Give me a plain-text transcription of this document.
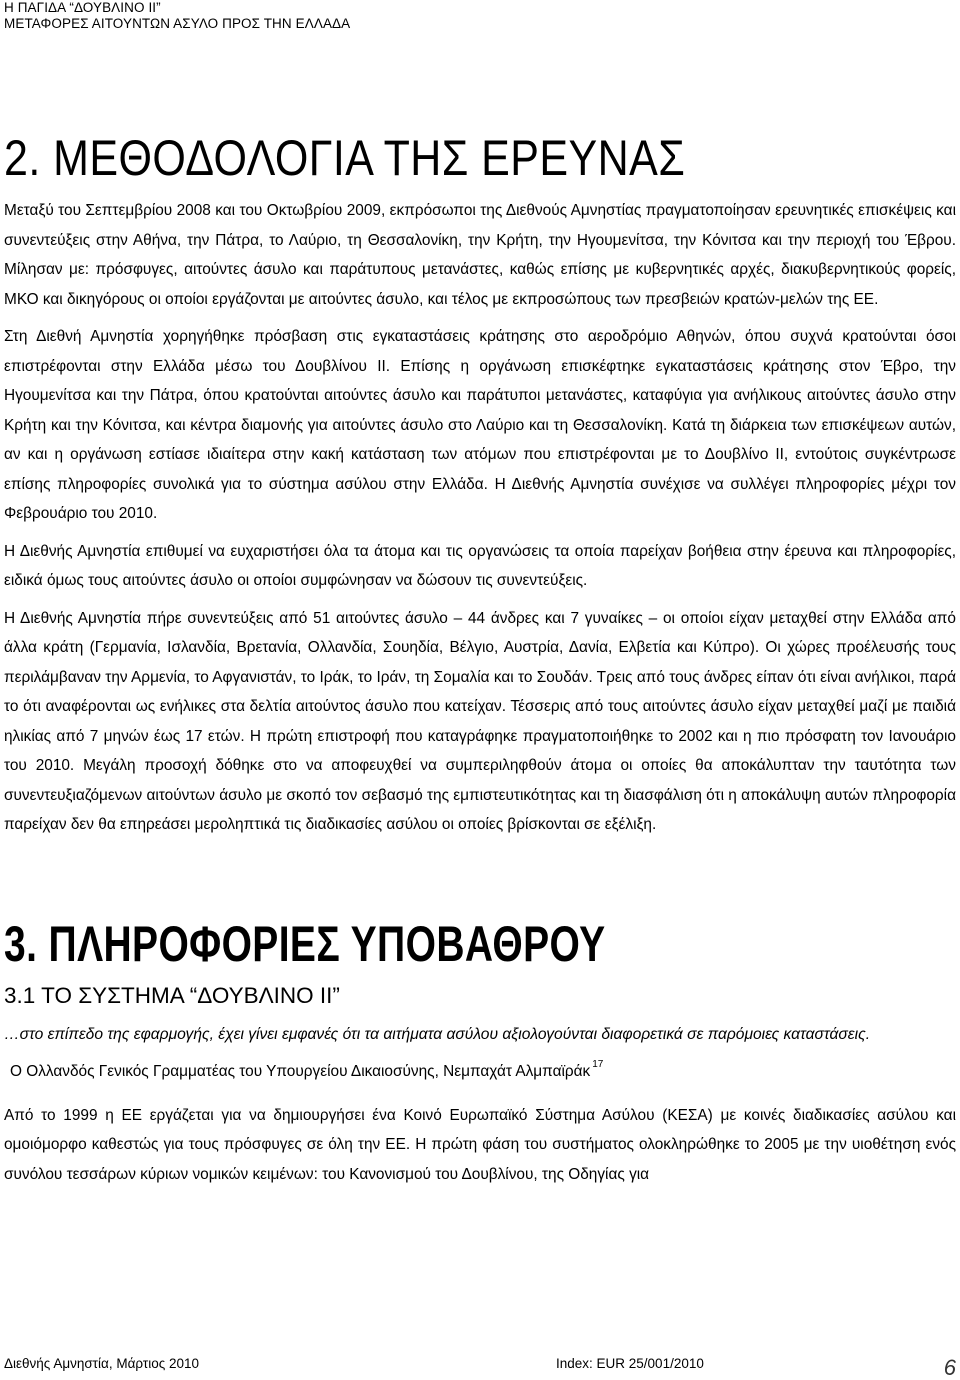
Η ΠΑΓΙΔΑ “ΔΟΥΒΛΙΝΟ ΙΙ”
ΜΕΤΑΦΟΡΕΣ ΑΙΤΟΥΝΤΩΝ ΑΣΥΛΟ ΠΡΟΣ ΤΗΝ ΕΛΛΑΔΑ
2. ΜΕΘΟΔΟΛΟΓΙΑ ΤΗΣ ΕΡΕΥΝΑΣ

Μεταξύ του Σεπτεμβρίου 2008 και του Οκτωβρίου 2009, εκπρόσωποι της Διεθνούς Αμνηστίας πραγματοποίησαν ερευνητικές επισκέψεις και συνεντεύξεις στην Αθήνα, την Πάτρα, το Λαύριο, τη Θεσσαλονίκη, την Κρήτη, την Ηγουμενίτσα, την Κόνιτσα και την περιοχή του Έβρου. Μίλησαν με: πρόσφυγες, αιτούντες άσυλο και παράτυπους μετανάστες, καθώς επίσης με κυβερνητικές αρχές, διακυβερνητικούς φορείς, ΜΚΟ και δικηγόρους οι οποίοι εργάζονται με αιτούντες άσυλο, και τέλος με εκπροσώπους των πρεσβειών κρατών-μελών της ΕΕ.

Στη Διεθνή Αμνηστία χορηγήθηκε πρόσβαση στις εγκαταστάσεις κράτησης στο αεροδρόμιο Αθηνών, όπου συχνά κρατούνται όσοι επιστρέφονται στην Ελλάδα μέσω του Δουβλίνου ΙΙ. Επίσης η οργάνωση επισκέφτηκε εγκαταστάσεις κράτησης στον Έβρο, την Ηγουμενίτσα και την Πάτρα, όπου κρατούνται αιτούντες άσυλο και παράτυποι μετανάστες, καταφύγια για ανήλικους αιτούντες άσυλο στην Κρήτη και την Κόνιτσα, και κέντρα διαμονής για αιτούντες άσυλο στο Λαύριο και τη Θεσσαλονίκη. Κατά τη διάρκεια των επισκέψεων αυτών, αν και η οργάνωση εστίασε ιδιαίτερα στην κακή κατάσταση των ατόμων που επιστρέφονται με το Δουβλίνο ΙΙ, εντούτοις συγκέντρωσε επίσης πληροφορίες συνολικά για το σύστημα ασύλου στην Ελλάδα. Η Διεθνής Αμνηστία συνέχισε να συλλέγει πληροφορίες μέχρι τον Φεβρουάριο του 2010.

Η Διεθνής Αμνηστία επιθυμεί να ευχαριστήσει όλα τα άτομα και τις οργανώσεις τα οποία παρείχαν βοήθεια στην έρευνα και πληροφορίες, ειδικά όμως τους αιτούντες άσυλο οι οποίοι συμφώνησαν να δώσουν τις συνεντεύξεις.

Η Διεθνής Αμνηστία πήρε συνεντεύξεις από 51 αιτούντες άσυλο – 44 άνδρες και 7 γυναίκες – οι οποίοι είχαν μεταχθεί στην Ελλάδα από άλλα κράτη (Γερμανία, Ισλανδία, Βρετανία, Ολλανδία, Σουηδία, Βέλγιο, Αυστρία, Δανία, Ελβετία και Κύπρο). Οι χώρες προέλευσής τους περιλάμβαναν την Αρμενία, το Αφγανιστάν, το Ιράκ, το Ιράν, τη Σομαλία και το Σουδάν. Τρεις από τους άνδρες είπαν ότι είναι ανήλικοι, παρά το ότι αναφέρονται ως ενήλικες στα δελτία αιτούντος άσυλο που κατείχαν. Τέσσερις από τους αιτούντες άσυλο είχαν μεταχθεί μαζί με παιδιά ηλικίας από 7 μηνών έως 17 ετών. Η πρώτη επιστροφή που καταγράφηκε πραγματοποιήθηκε το 2002 και η πιο πρόσφατη τον Ιανουάριο του 2010. Μεγάλη προσοχή δόθηκε στο να αποφευχθεί να συμπεριληφθούν άτομα οι οποίες θα αποκάλυπταν την ταυτότητα των συνεντευξιαζόμενων αιτούντων άσυλο με σκοπό τον σεβασμό της εμπιστευτικότητας και τη διασφάλιση ότι η αποκάλυψη αυτών πληροφορία παρείχαν δεν θα επηρεάσει μεροληπτικά τις διαδικασίες ασύλου οι οποίες βρίσκονται σε εξέλιξη.

3. ΠΛΗΡΟΦΟΡΙΕΣ ΥΠΟΒΑΘΡΟΥ
3.1 ΤΟ ΣΥΣΤΗΜΑ “ΔΟΥΒΛΙΝΟ ΙΙ”

…στο επίπεδο της εφαρμογής, έχει γίνει εμφανές ότι τα αιτήματα ασύλου αξιολογούνται διαφορετικά σε παρόμοιες καταστάσεις.

Ο Ολλανδός Γενικός Γραμματέας του Υπουργείου Δικαιοσύνης, Νεμπαχάτ Αλμπαϊράκ $^{17}$

Από το 1999 η ΕΕ εργάζεται για να δημιουργήσει ένα Κοινό Ευρωπαϊκό Σύστημα Ασύλου (ΚΕΣΑ) με κοινές διαδικασίες ασύλου και ομοιόμορφο καθεστώς για τους πρόσφυγες σε όλη την ΕΕ. Η πρώτη φάση του συστήματος ολοκληρώθηκε το 2005 με την υιοθέτηση ενός συνόλου τεσσάρων κύριων νομικών κειμένων: του Κανονισμού του Δουβλίνου, της Οδηγίας για

Διεθνής Αμνηστία, Μάρτιος 2010	Index: EUR 25/001/2010	6
